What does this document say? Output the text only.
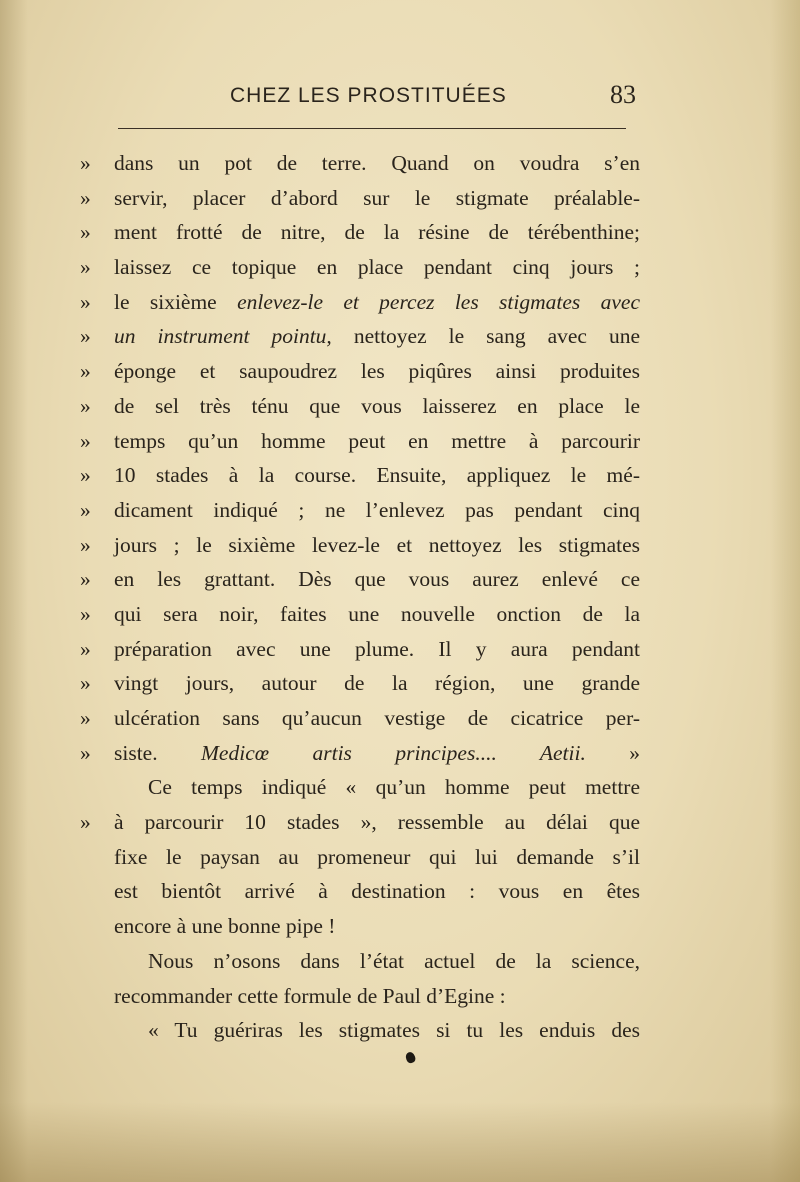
CHEZ LES PROSTITUÉES	83
»	dans un pot de terre. Quand on voudra s’en
»	servir, placer d’abord sur le stigmate préalable-
»	ment frotté de nitre, de la résine de térébenthine;
»	laissez ce topique en place pendant cinq jours ;
»	le sixième enlevez-le et percez les stigmates avec
»	un instrument pointu, nettoyez le sang avec une
»	éponge et saupoudrez les piqûres ainsi produites
»	de sel très ténu que vous laisserez en place le
»	temps qu’un homme peut en mettre à parcourir
»	10 stades à la course. Ensuite, appliquez le mé-
»	dicament indiqué ; ne l’enlevez pas pendant cinq
»	jours ; le sixième levez-le et nettoyez les stigmates
»	en les grattant. Dès que vous aurez enlevé ce
»	qui sera noir, faites une nouvelle onction de la
»	préparation avec une plume. Il y aura pendant
»	vingt jours, autour de la région, une grande
»	ulcération sans qu’aucun vestige de cicatrice per-
»	siste. Medicœ artis principes.... Aetii. »
Ce temps indiqué « qu’un homme peut mettre
»	à parcourir 10 stades », ressemble au délai que
fixe le paysan au promeneur qui lui demande s’il
est bientôt arrivé à destination : vous en êtes
encore à une bonne pipe !
Nous n’osons dans l’état actuel de la science,
recommander cette formule de Paul d’Egine :
« Tu guériras les stigmates si tu les enduis des
